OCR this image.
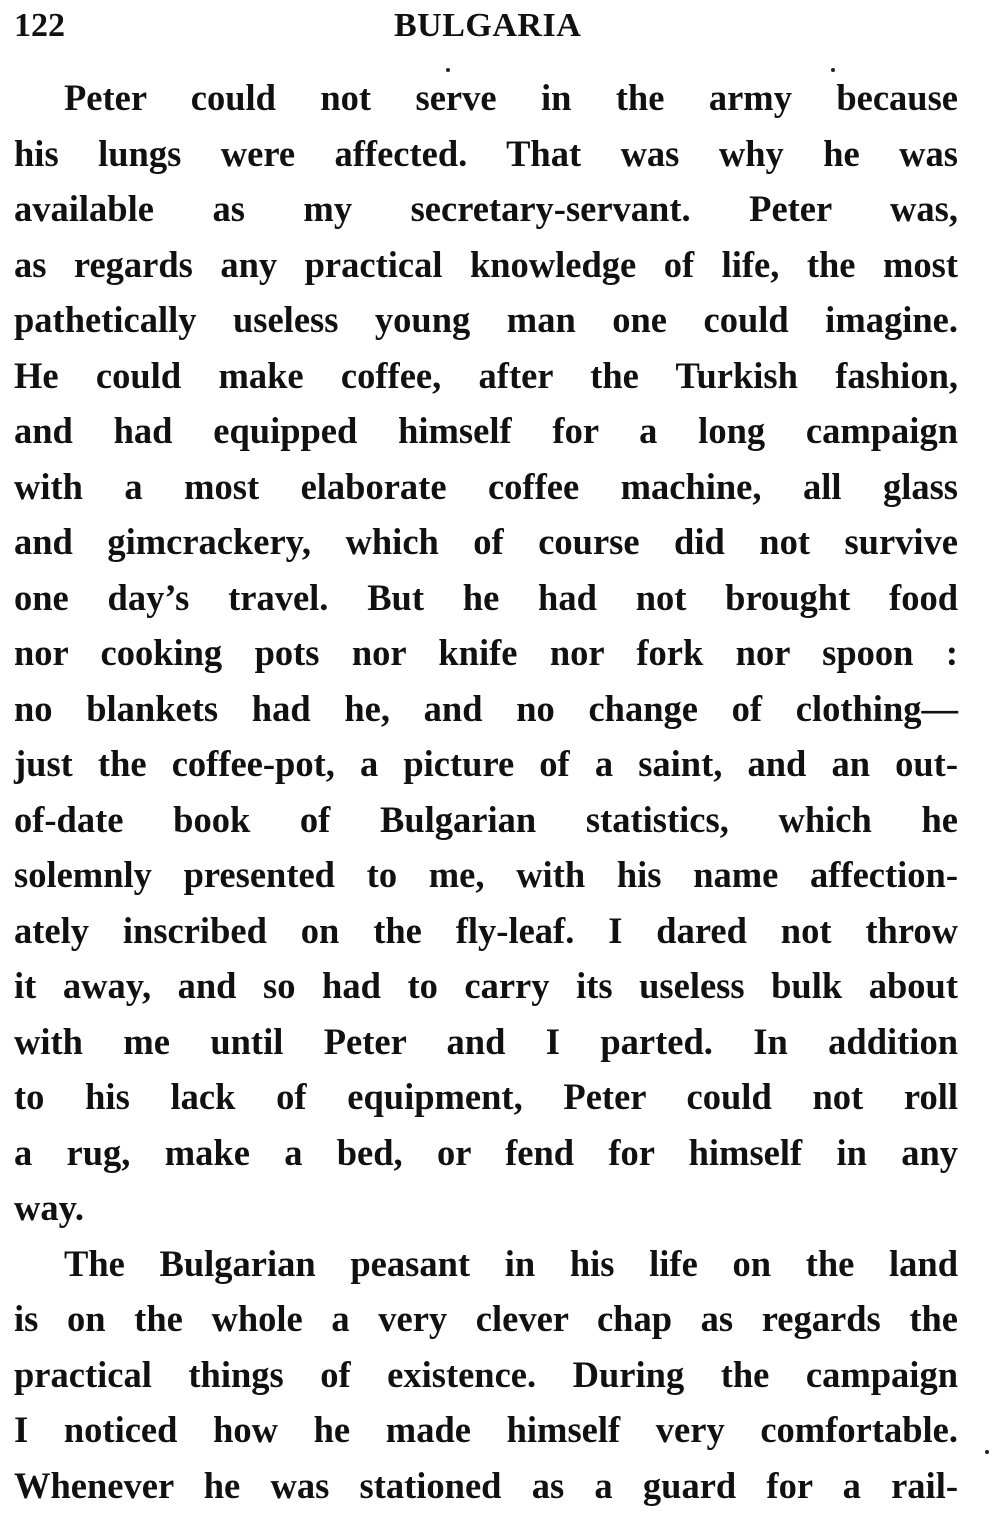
122	BULGARIA
Peter could not serve in the army because
his lungs were affected. That was why he was
available as my secretary-servant. Peter was,
as regards any practical knowledge of life, the most
pathetically useless young man one could imagine.
He could make coffee, after the Turkish fashion,
and had equipped himself for a long campaign
with a most elaborate coffee machine, all glass
and gimcrackery, which of course did not survive
one day’s travel. But he had not brought food
nor cooking pots nor knife nor fork nor spoon :
no blankets had he, and no change of clothing—
just the coffee-pot, a picture of a saint, and an out-
of-date book of Bulgarian statistics, which he
solemnly presented to me, with his name affection-
ately inscribed on the fly-leaf. I dared not throw
it away, and so had to carry its useless bulk about
with me until Peter and I parted. In addition
to his lack of equipment, Peter could not roll
a rug, make a bed, or fend for himself in any
way.
The Bulgarian peasant in his life on the land
is on the whole a very clever chap as regards the
practical things of existence. During the campaign
I noticed how he made himself very comfortable.
Whenever he was stationed as a guard for a rail-
